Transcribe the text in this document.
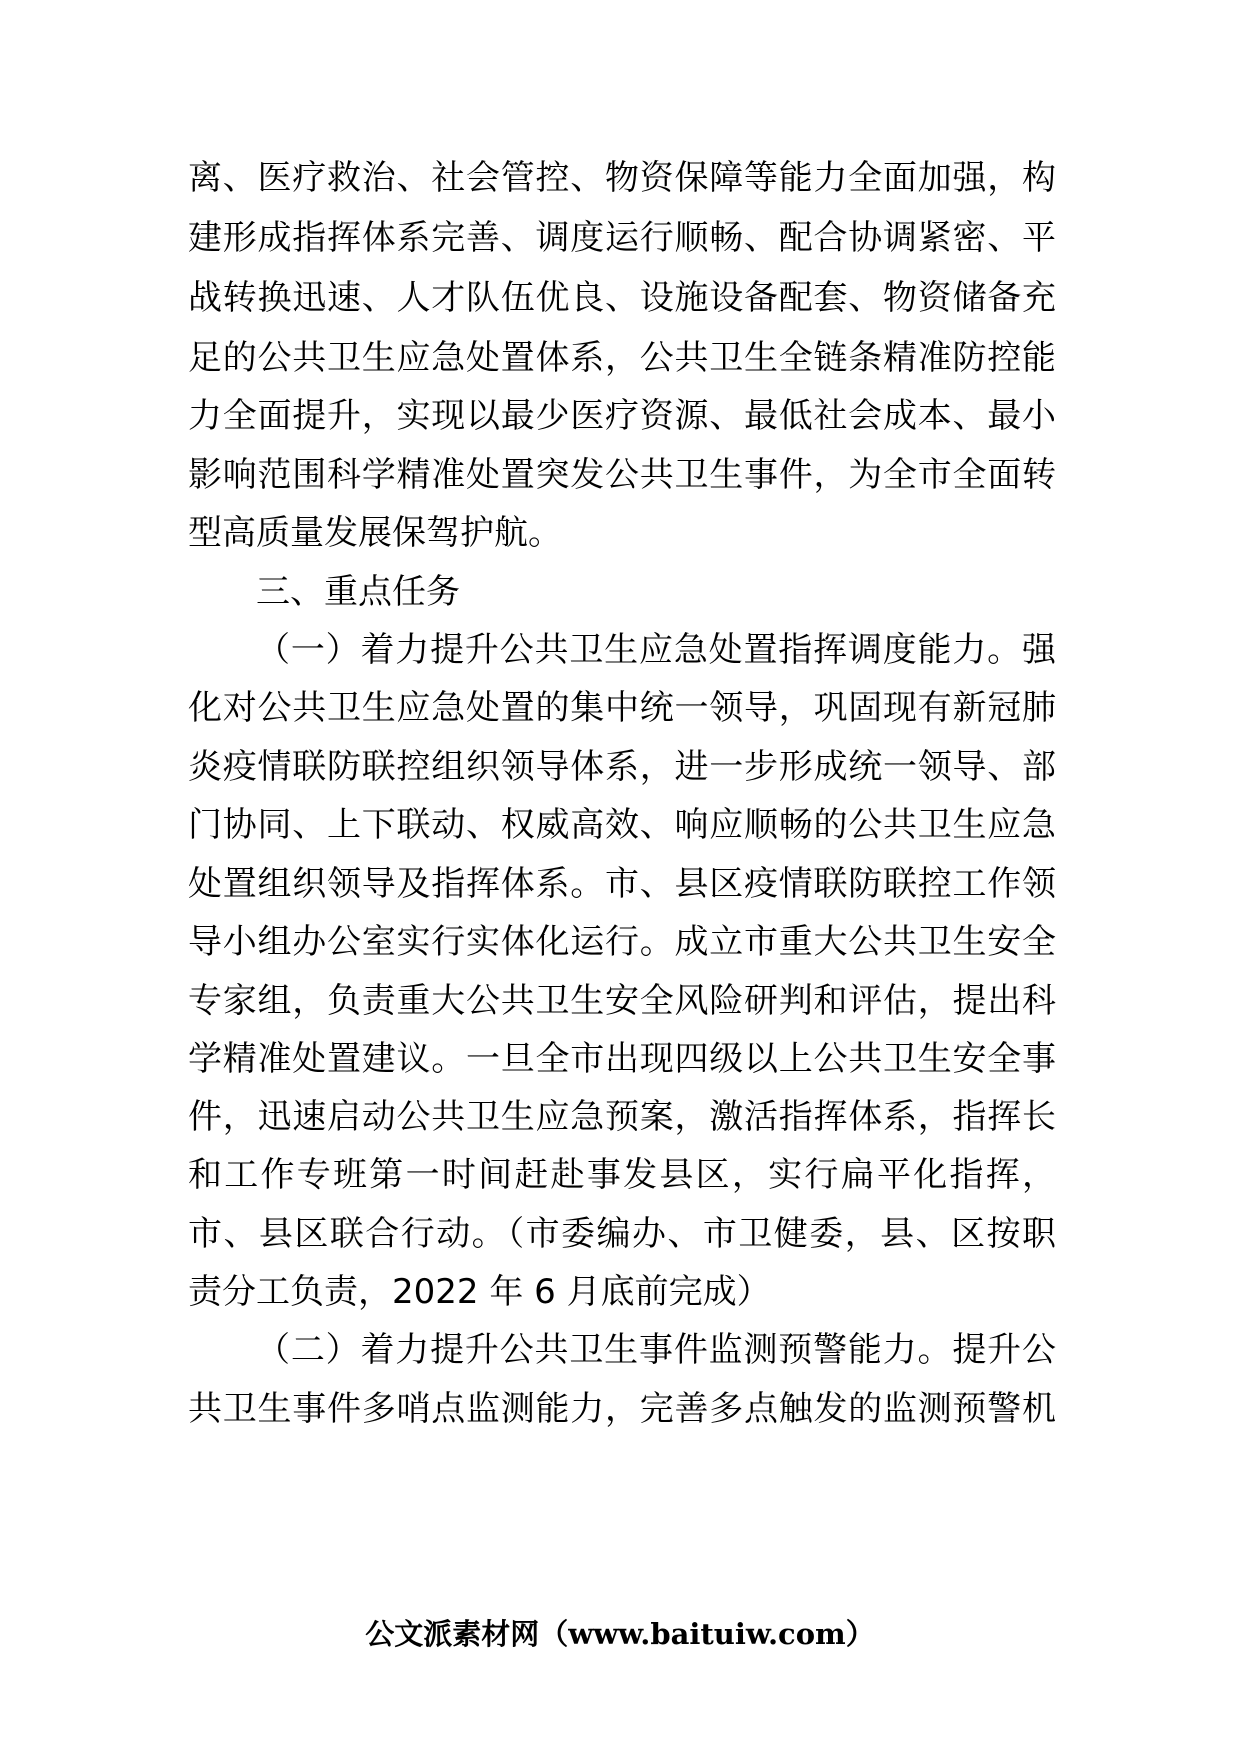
离、医疗救治、社会管控、物资保障等能力全面加强，构
建形成指挥体系完善、调度运行顺畅、配合协调紧密、平
战转换迅速、人才队伍优良、设施设备配套、物资储备充
足的公共卫生应急处置体系，公共卫生全链条精准防控能
力全面提升，实现以最少医疗资源、最低社会成本、最小
影响范围科学精准处置突发公共卫生事件，为全市全面转
型高质量发展保驾护航。
三、重点任务
（一）着力提升公共卫生应急处置指挥调度能力。强
化对公共卫生应急处置的集中统一领导，巩固现有新冠肺
炎疫情联防联控组织领导体系，进一步形成统一领导、部
门协同、上下联动、权威高效、响应顺畅的公共卫生应急
处置组织领导及指挥体系。市、县区疫情联防联控工作领
导小组办公室实行实体化运行。成立市重大公共卫生安全
专家组，负责重大公共卫生安全风险研判和评估，提出科
学精准处置建议。一旦全市出现四级以上公共卫生安全事
件，迅速启动公共卫生应急预案，激活指挥体系，指挥长
和工作专班第一时间赶赴事发县区，实行扁平化指挥，
市、县区联合行动。（市委编办、市卫健委，县、区按职
责分工负责，2022 年 6 月底前完成）
（二）着力提升公共卫生事件监测预警能力。提升公
共卫生事件多哨点监测能力，完善多点触发的监测预警机
公文派素材网（www.baituiw.com）
